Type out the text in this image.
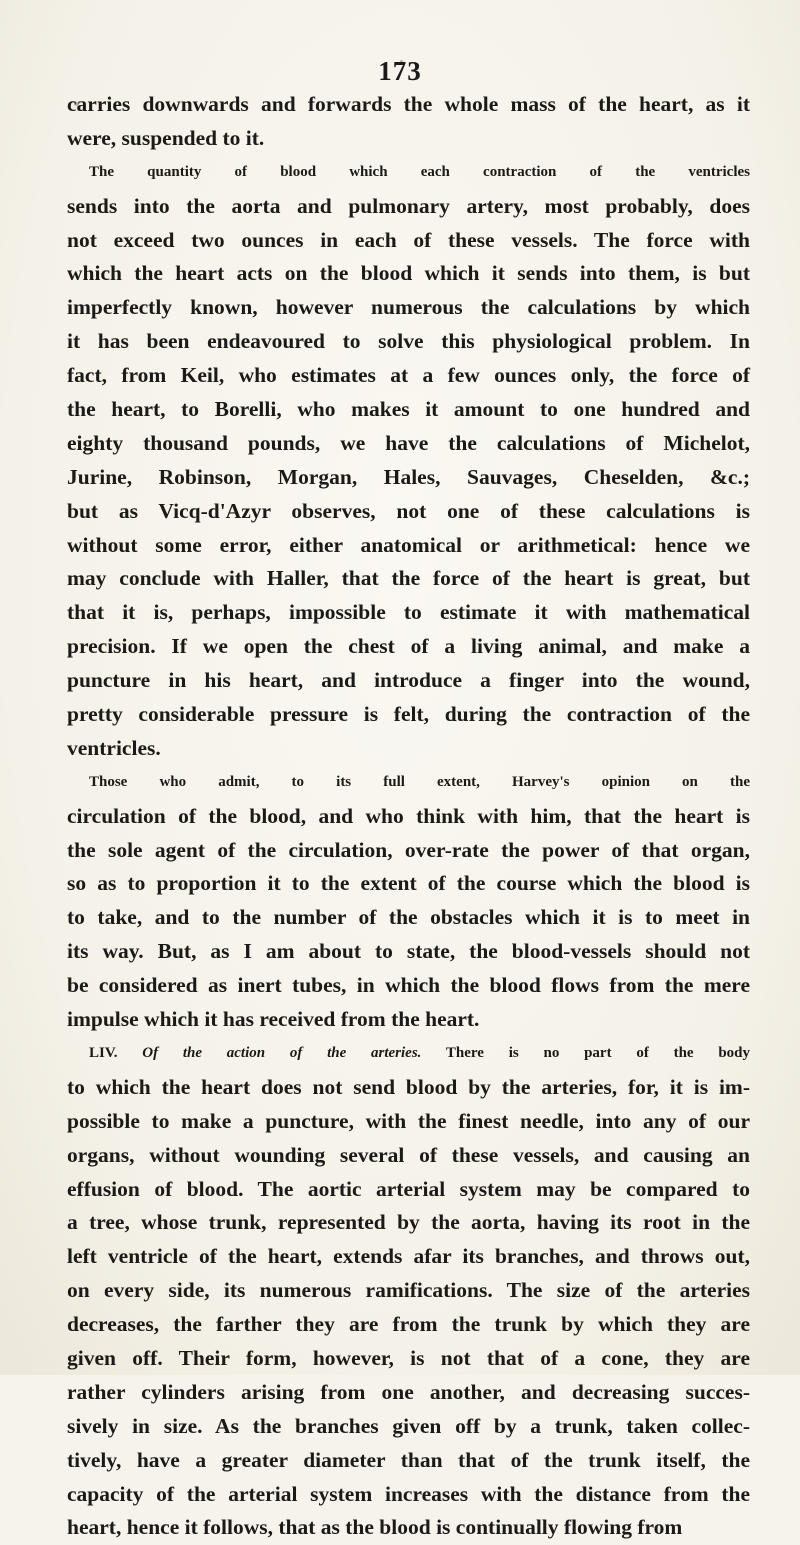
173
carries downwards and forwards the whole mass of the heart, as it
were, suspended to it.
The quantity of blood which each contraction of the ventricles
sends into the aorta and pulmonary artery, most probably, does
not exceed two ounces in each of these vessels. The force with
which the heart acts on the blood which it sends into them, is but
imperfectly known, however numerous the calculations by which
it has been endeavoured to solve this physiological problem. In
fact, from Keil, who estimates at a few ounces only, the force of
the heart, to Borelli, who makes it amount to one hundred and
eighty thousand pounds, we have the calculations of Michelot,
Jurine, Robinson, Morgan, Hales, Sauvages, Cheselden, &c.;
but as Vicq-d'Azyr observes, not one of these calculations is
without some error, either anatomical or arithmetical: hence we
may conclude with Haller, that the force of the heart is great, but
that it is, perhaps, impossible to estimate it with mathematical
precision. If we open the chest of a living animal, and make a
puncture in his heart, and introduce a finger into the wound,
pretty considerable pressure is felt, during the contraction of the
ventricles.
Those who admit, to its full extent, Harvey's opinion on the
circulation of the blood, and who think with him, that the heart is
the sole agent of the circulation, over-rate the power of that organ,
so as to proportion it to the extent of the course which the blood is
to take, and to the number of the obstacles which it is to meet in
its way. But, as I am about to state, the blood-vessels should not
be considered as inert tubes, in which the blood flows from the mere
impulse which it has received from the heart.
LIV. Of the action of the arteries. There is no part of the body
to which the heart does not send blood by the arteries, for, it is im-
possible to make a puncture, with the finest needle, into any of our
organs, without wounding several of these vessels, and causing an
effusion of blood. The aortic arterial system may be compared to
a tree, whose trunk, represented by the aorta, having its root in the
left ventricle of the heart, extends afar its branches, and throws out,
on every side, its numerous ramifications. The size of the arteries
decreases, the farther they are from the trunk by which they are
given off. Their form, however, is not that of a cone, they are
rather cylinders arising from one another, and decreasing succes-
sively in size. As the branches given off by a trunk, taken collec-
tively, have a greater diameter than that of the trunk itself, the
capacity of the arterial system increases with the distance from the
heart, hence it follows, that as the blood is continually flowing from
